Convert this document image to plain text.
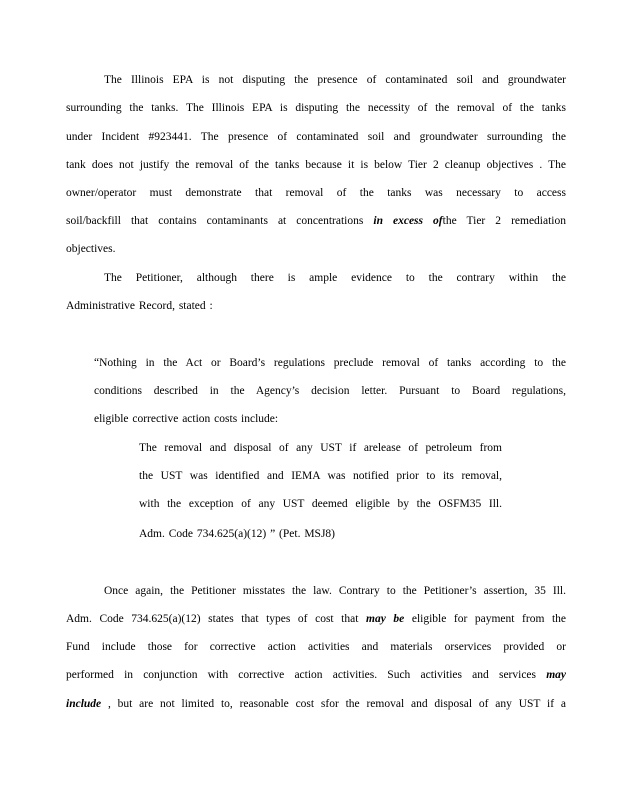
The Illinois EPA is not disputing the presence of contaminated soil and groundwater
surrounding the tanks. The Illinois EPA is disputing the necessity of the removal of the tanks
under Incident #923441. The presence of contaminated soil and groundwater surrounding the
tank does not justify the removal of the tanks because it is below Tier 2 cleanup objectives . The
owner/operator must demonstrate that removal of the tanks was necessary to access
soil/backfill that contains contaminants at concentrations in excess ofthe Tier 2 remediation
objectives.
The Petitioner, although there is ample evidence to the contrary within the
Administrative Record, stated :
“Nothing in the Act or Board’s regulations preclude removal of tanks according to the
conditions described in the Agency’s decision letter. Pursuant to Board regulations,
eligible corrective action costs include:
The removal and disposal of any UST if arelease of petroleum from
the UST was identified and IEMA was notified prior to its removal,
with the exception of any UST deemed eligible by the OSFM35 Ill.
Adm. Code 734.625(a)(12) ” (Pet. MSJ8)
Once again, the Petitioner misstates the law. Contrary to the Petitioner’s assertion, 35 Ill.
Adm. Code 734.625(a)(12) states that types of cost that may be eligible for payment from the
Fund include those for corrective action activities and materials orservices provided or
performed in conjunction with corrective action activities. Such activities and services may
include , but are not limited to, reasonable cost sfor the removal and disposal of any UST if a
